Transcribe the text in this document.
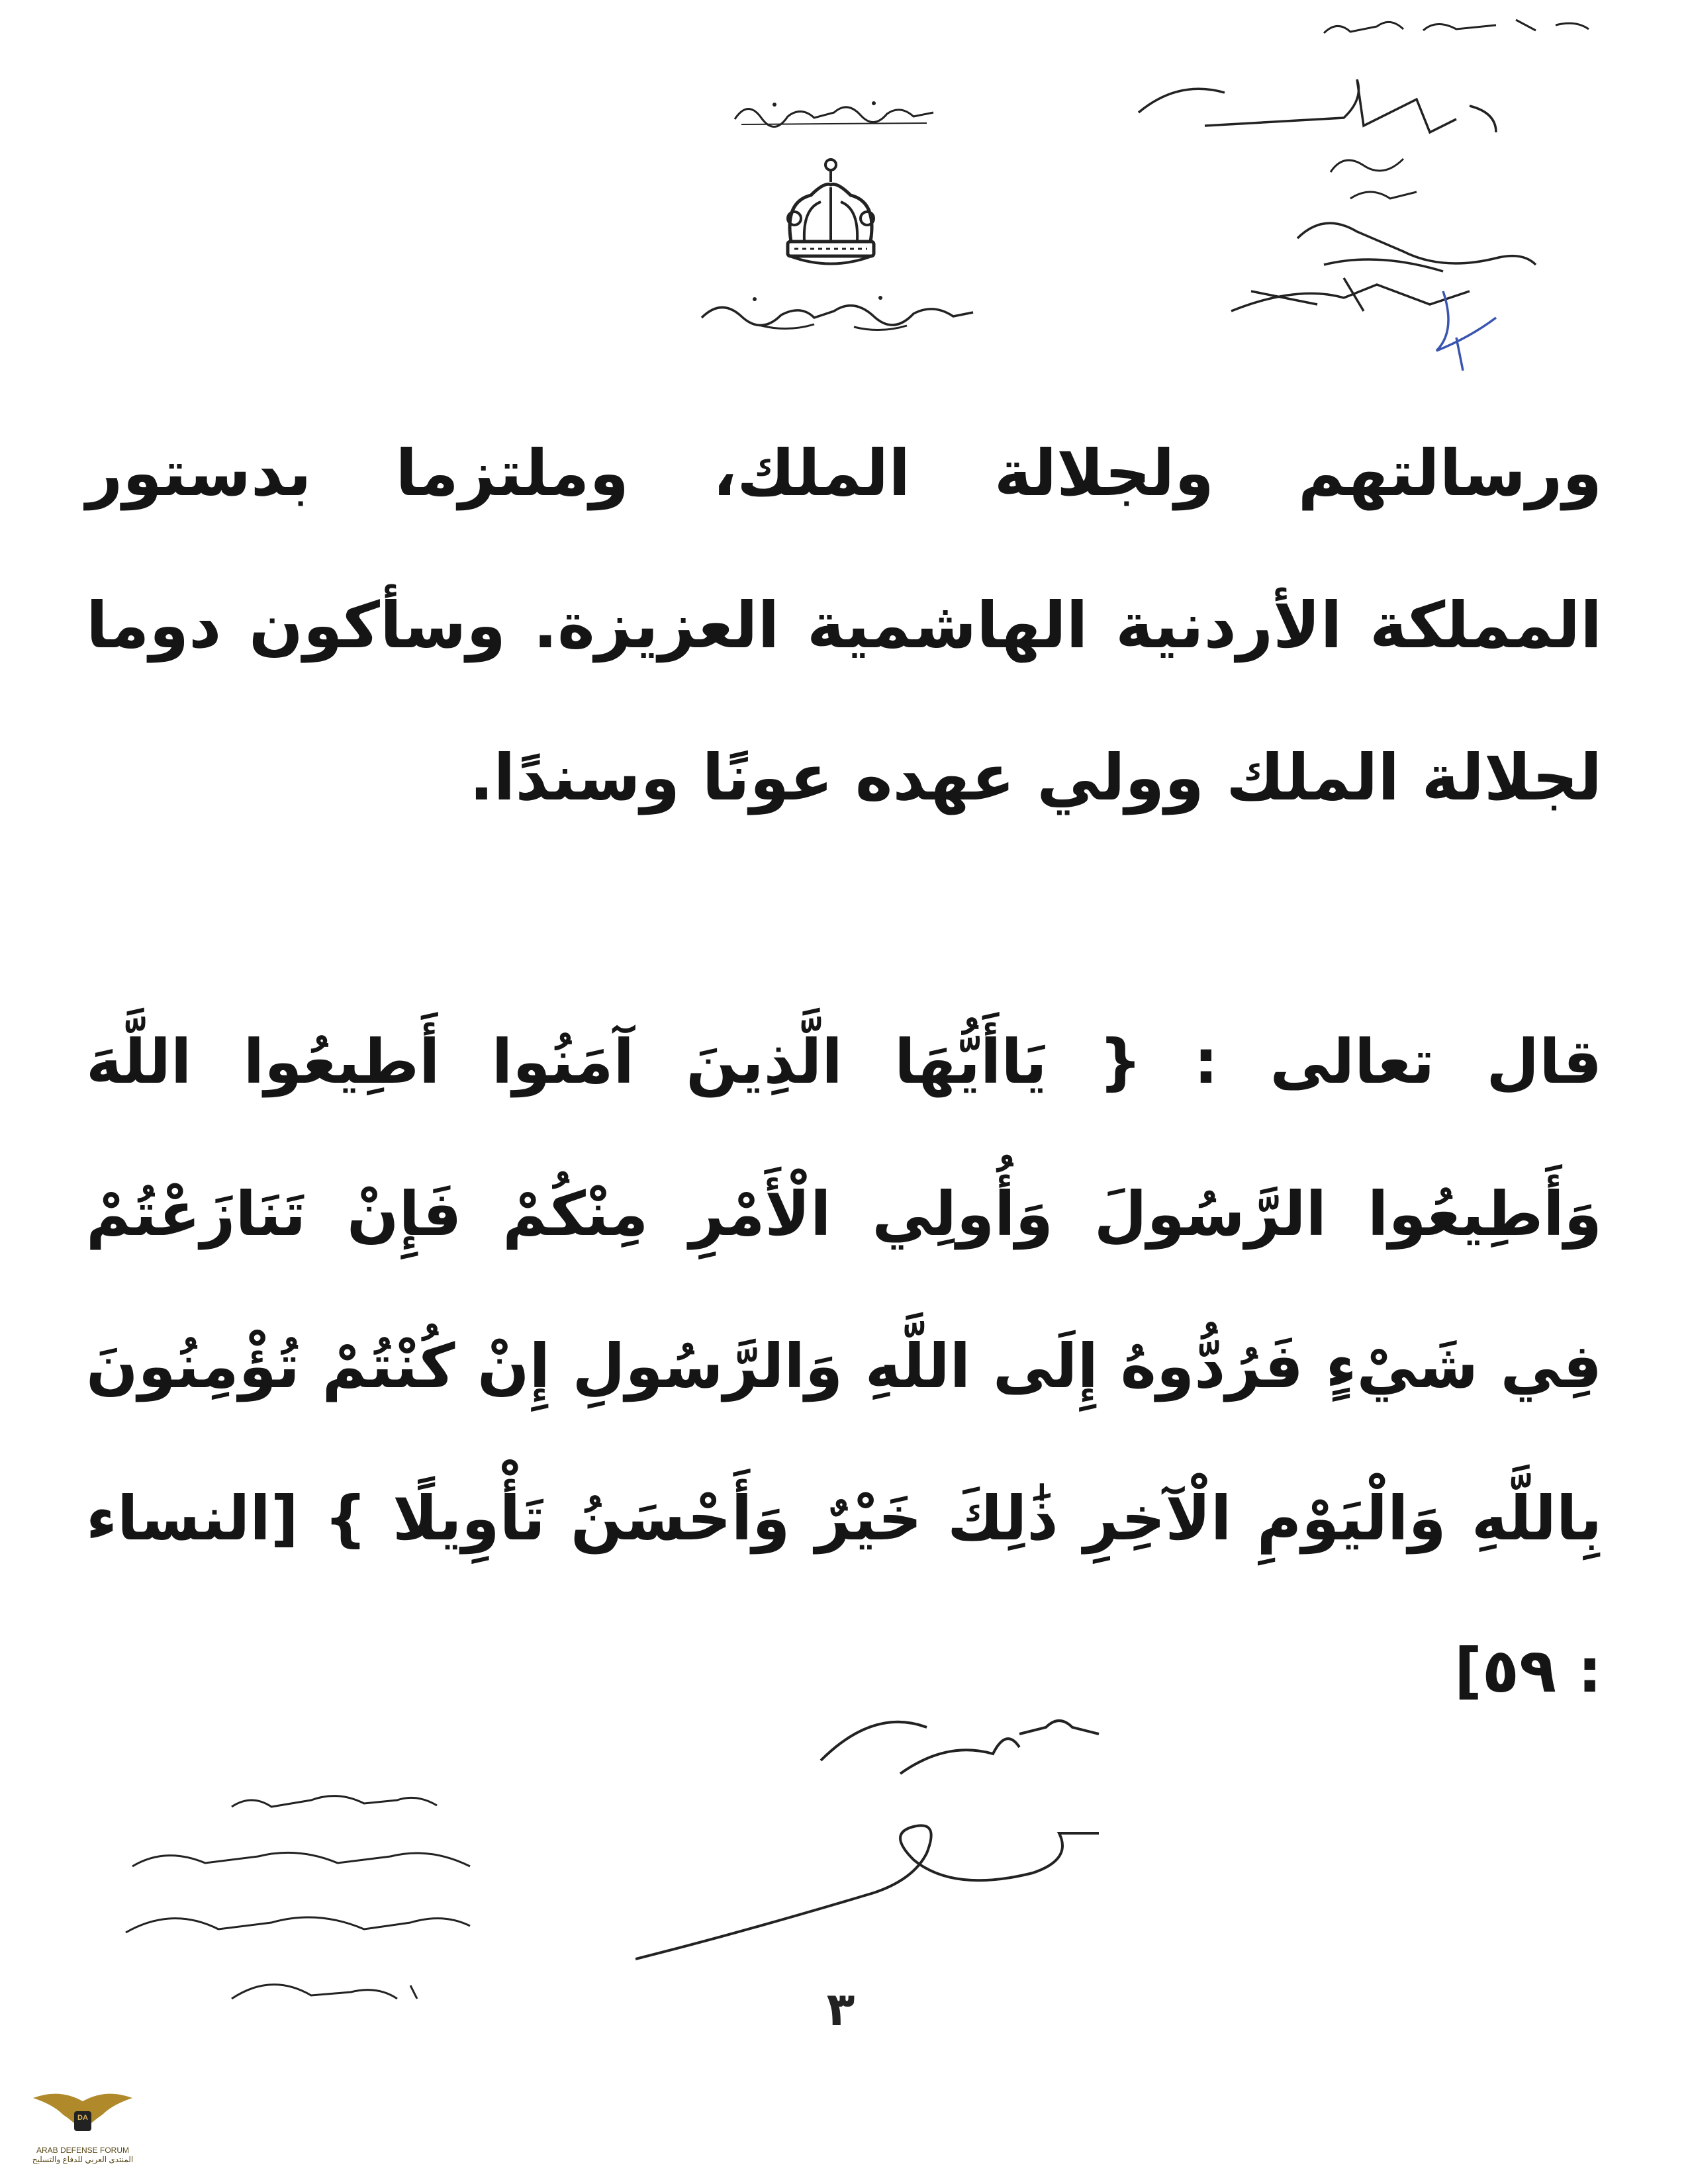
ورسالتهم ولجلالة الملك، وملتزما بدستور المملكة الأردنية الهاشمية العزيزة. وسأكون دوما لجلالة الملك وولي عهده عونًا وسندًا.
قال تعالى : { يَاأَيُّهَا الَّذِينَ آمَنُوا أَطِيعُوا اللَّهَ وَأَطِيعُوا الرَّسُولَ وَأُولِي الْأَمْرِ مِنْكُمْ فَإِنْ تَنَازَعْتُمْ فِي شَيْءٍ فَرُدُّوهُ إِلَى اللَّهِ وَالرَّسُولِ إِنْ كُنْتُمْ تُؤْمِنُونَ بِاللَّهِ وَالْيَوْمِ الْآخِرِ ذَٰلِكَ خَيْرٌ وَأَحْسَنُ تَأْوِيلًا } [النساء : ٥٩]
٣
DA
ARAB DEFENSE FORUM
المنتدى العربي للدفاع والتسليح
